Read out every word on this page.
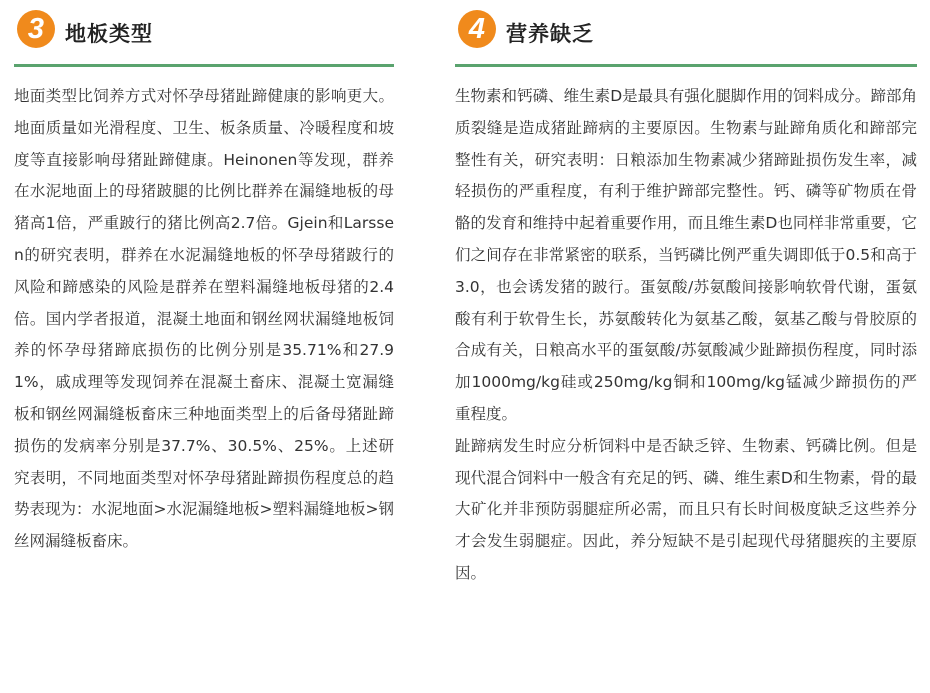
3 地板类型

地面类型比饲养方式对怀孕母猪趾蹄健康的影响更大。地面质量如光滑程度、卫生、板条质量、冷暖程度和坡度等直接影响母猪趾蹄健康。Heinonen等发现，群养在水泥地面上的母猪跛腿的比例比群养在漏缝地板的母猪高1倍，严重跛行的猪比例高2.7倍。Gjein和Larssen的研究表明，群养在水泥漏缝地板的怀孕母猪跛行的风险和蹄感染的风险是群养在塑料漏缝地板母猪的2.4倍。国内学者报道，混凝土地面和钢丝网状漏缝地板饲养的怀孕母猪蹄底损伤的比例分别是35.71%和27.91%，戚成理等发现饲养在混凝土畜床、混凝土宽漏缝板和钢丝网漏缝板畜床三种地面类型上的后备母猪趾蹄损伤的发病率分别是37.7%、30.5%、25%。上述研究表明，不同地面类型对怀孕母猪趾蹄损伤程度总的趋势表现为：水泥地面>水泥漏缝地板>塑料漏缝地板>钢丝网漏缝板畜床。

4 营养缺乏

生物素和钙磷、维生素D是最具有强化腿脚作用的饲料成分。蹄部角质裂缝是造成猪趾蹄病的主要原因。生物素与趾蹄角质化和蹄部完整性有关，研究表明：日粮添加生物素减少猪蹄趾损伤发生率，减轻损伤的严重程度，有利于维护蹄部完整性。钙、磷等矿物质在骨骼的发育和维持中起着重要作用，而且维生素D也同样非常重要，它们之间存在非常紧密的联系，当钙磷比例严重失调即低于0.5和高于3.0，也会诱发猪的跛行。蛋氨酸/苏氨酸间接影响软骨代谢，蛋氨酸有利于软骨生长，苏氨酸转化为氨基乙酸，氨基乙酸与骨胶原的合成有关，日粮高水平的蛋氨酸/苏氨酸减少趾蹄损伤程度，同时添加1000mg/kg硅或250mg/kg铜和100mg/kg锰减少蹄损伤的严重程度。

趾蹄病发生时应分析饲料中是否缺乏锌、生物素、钙磷比例。但是现代混合饲料中一般含有充足的钙、磷、维生素D和生物素，骨的最大矿化并非预防弱腿症所必需，而且只有长时间极度缺乏这些养分才会发生弱腿症。因此，养分短缺不是引起现代母猪腿疾的主要原因。
